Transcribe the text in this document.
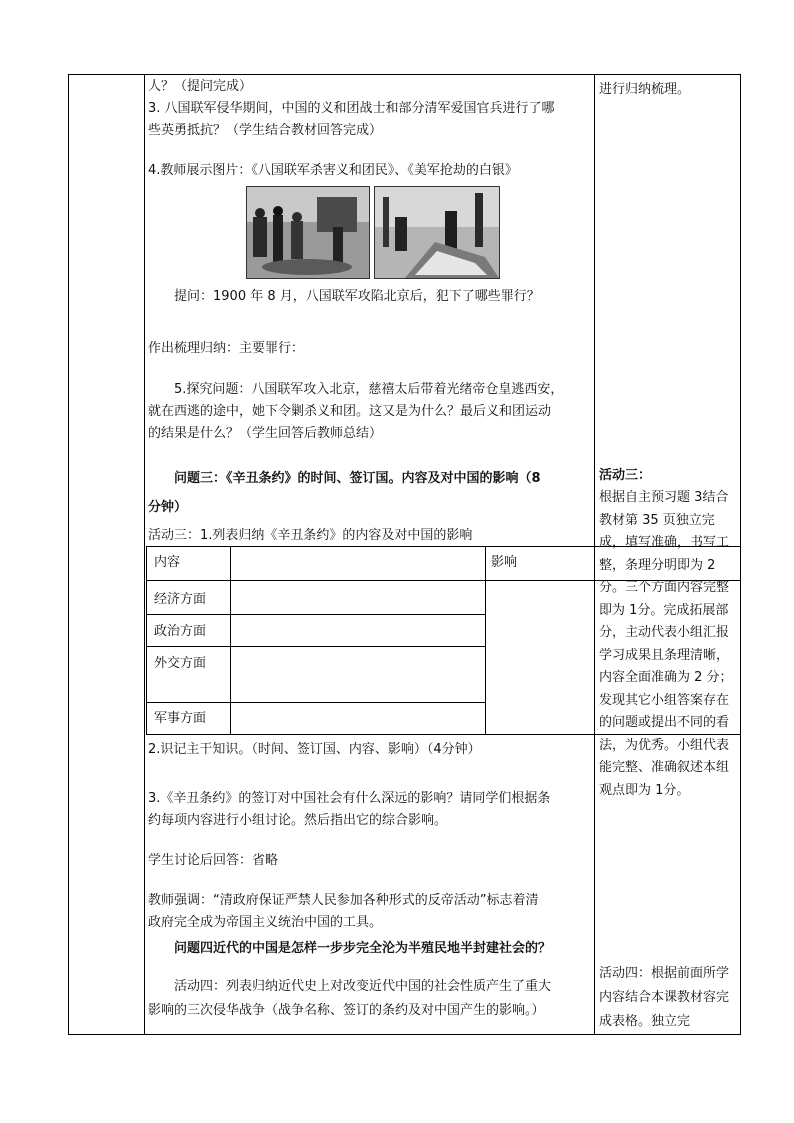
人？（提问完成）
3. 八国联军侵华期间，中国的义和团战士和部分清军爱国官兵进行了哪
些英勇抵抗？（学生结合教材回答完成）
4.教师展示图片：《八国联军杀害义和团民》、《美军抢劫的白银》
提问：1900 年 8 月，八国联军攻陷北京后，犯下了哪些罪行？
作出梳理归纳：主要罪行：
5.探究问题：八国联军攻入北京，慈禧太后带着光绪帝仓皇逃西安，
就在西逃的途中，她下令剿杀义和团。这又是为什么？最后义和团运动
的结果是什么？（学生回答后教师总结）
问题三：《辛丑条约》的时间、签订国。内容及对中国的影响（8
分钟）
活动三：1.列表归纳《辛丑条约》的内容及对中国的影响
内容	影响
经济方面
政治方面
外交方面
军事方面
2.识记主干知识。（时间、签订国、内容、影响）（4分钟）
3.《辛丑条约》的签订对中国社会有什么深远的影响？请同学们根据条
约每项内容进行小组讨论。然后指出它的综合影响。
学生讨论后回答：省略
教师强调：“清政府保证严禁人民参加各种形式的反帝活动”标志着清
政府完全成为帝国主义统治中国的工具。
问题四近代的中国是怎样一步步完全沦为半殖民地半封建社会的？
活动四：列表归纳近代史上对改变近代中国的社会性质产生了重大
影响的三次侵华战争（战争名称、签订的条约及对中国产生的影响。）
进行归纳梳理。
活动三：
根据自主预习题 3结合教材第 35 页独立完成，填写准确，书写工整，条理分明即为 2分。三个方面内容完整即为 1分。完成拓展部分，主动代表小组汇报学习成果且条理清晰，内容全面准确为 2 分；发现其它小组答案存在的问题或提出不同的看法，为优秀。小组代表能完整、准确叙述本组观点即为 1分。
活动四：根据前面所学内容结合本课教材容完成表格。独立完
